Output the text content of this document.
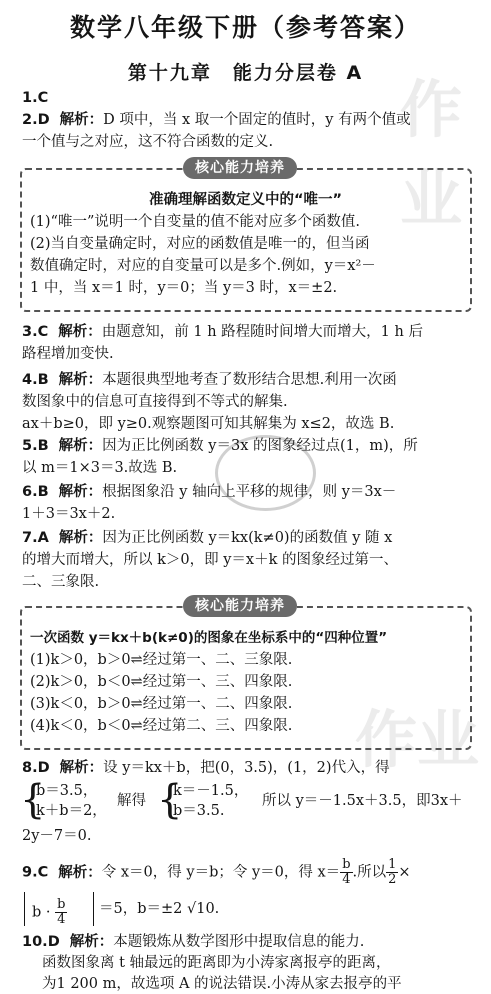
作业
作业
数学八年级下册（参考答案）
第十九章　能力分层卷 A
1.C
2.D 解析：D 项中，当 x 取一个固定的值时，y 有两个值或
一个值与之对应，这不符合函数的定义.
核心能力培养
准确理解函数定义中的“唯一”
(1)“唯一”说明一个自变量的值不能对应多个函数值.
(2)当自变量确定时，对应的函数值是唯一的，但当函
数值确定时，对应的自变量可以是多个.例如，y＝x²－
1 中，当 x＝1 时，y＝0；当 y＝3 时，x＝±2.
3.C 解析：由题意知，前 1 h 路程随时间增大而增大，1 h 后
路程增加变快.
4.B 解析：本题很典型地考查了数形结合思想.利用一次函
数图象中的信息可直接得到不等式的解集.
ax＋b≥0，即 y≥0.观察题图可知其解集为 x≤2，故选 B.
5.B 解析：因为正比例函数 y＝3x 的图象经过点(1，m)，所
以 m＝1×3＝3.故选 B.
6.B 解析：根据图象沿 y 轴向上平移的规律，则 y＝3x－
1＋3＝3x＋2.
7.A 解析：因为正比例函数 y＝kx(k≠0)的函数值 y 随 x
的增大而增大，所以 k＞0，即 y＝x＋k 的图象经过第一、
二、三象限.
核心能力培养
一次函数 y＝kx＋b(k≠0)的图象在坐标系中的“四种位置”
(1)k＞0，b＞0⇌经过第一、二、三象限.
(2)k＞0，b＜0⇌经过第一、三、四象限.
(3)k＜0，b＞0⇌经过第一、二、四象限.
(4)k＜0，b＜0⇌经过第二、三、四象限.
8.D 解析：设 y＝kx＋b，把(0，3.5)，(1，2)代入，得
{
b＝3.5，
k＋b＝2，
解得 {
k＝－1.5，
b＝3.5.
所以 y＝－1.5x＋3.5，即3x＋
2y－7＝0.
9.C 解析：令 x＝0，得 y＝b；令 y＝0，得 $x= \frac{b}{4}$ .所以 $\frac{1}{2}$ ×
$b \cdot \frac{b}{4} =5$，b＝±2 √10.
10.D 解析：本题锻炼从数学图形中提取信息的能力.
函数图象离 t 轴最远的距离即为小涛家离报亭的距离，
为1 200 m，故选项 A 的说法错误.小涛从家去报亭的平
